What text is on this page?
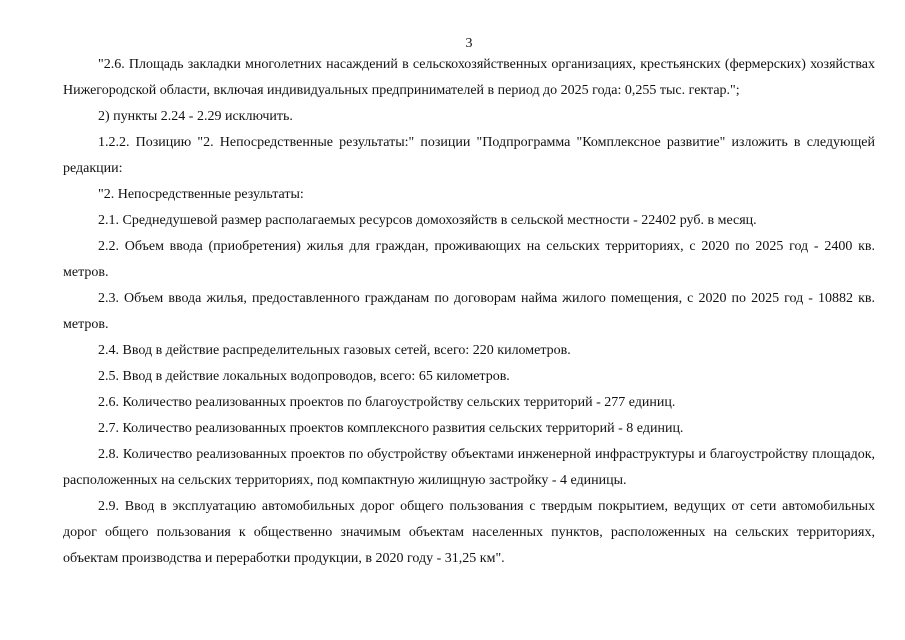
3

"2.6. Площадь закладки многолетних насаждений в сельскохозяйственных организациях, крестьянских (фермерских) хозяйствах Нижегородской области, включая индивидуальных предпринимателей в период до 2025 года: 0,255 тыс. гектар.";

2) пункты 2.24 - 2.29 исключить.

1.2.2. Позицию "2. Непосредственные результаты:" позиции "Подпрограмма "Комплексное развитие" изложить в следующей редакции:

"2. Непосредственные результаты:

2.1. Среднедушевой размер располагаемых ресурсов домохозяйств в сельской местности - 22402 руб. в месяц.

2.2. Объем ввода (приобретения) жилья для граждан, проживающих на сельских территориях, с 2020 по 2025 год - 2400 кв. метров.

2.3. Объем ввода жилья, предоставленного гражданам по договорам найма жилого помещения, с 2020 по 2025 год - 10882 кв. метров.

2.4. Ввод в действие распределительных газовых сетей, всего: 220 километров.

2.5. Ввод в действие локальных водопроводов, всего: 65 километров.

2.6. Количество реализованных проектов по благоустройству сельских территорий - 277 единиц.

2.7. Количество реализованных проектов комплексного развития сельских территорий - 8 единиц.

2.8. Количество реализованных проектов по обустройству объектами инженерной инфраструктуры и благоустройству площадок, расположенных на сельских территориях, под компактную жилищную застройку - 4 единицы.

2.9. Ввод в эксплуатацию автомобильных дорог общего пользования с твердым покрытием, ведущих от сети автомобильных дорог общего пользования к общественно значимым объектам населенных пунктов, расположенных на сельских территориях, объектам производства и переработки продукции, в 2020 году - 31,25 км".
